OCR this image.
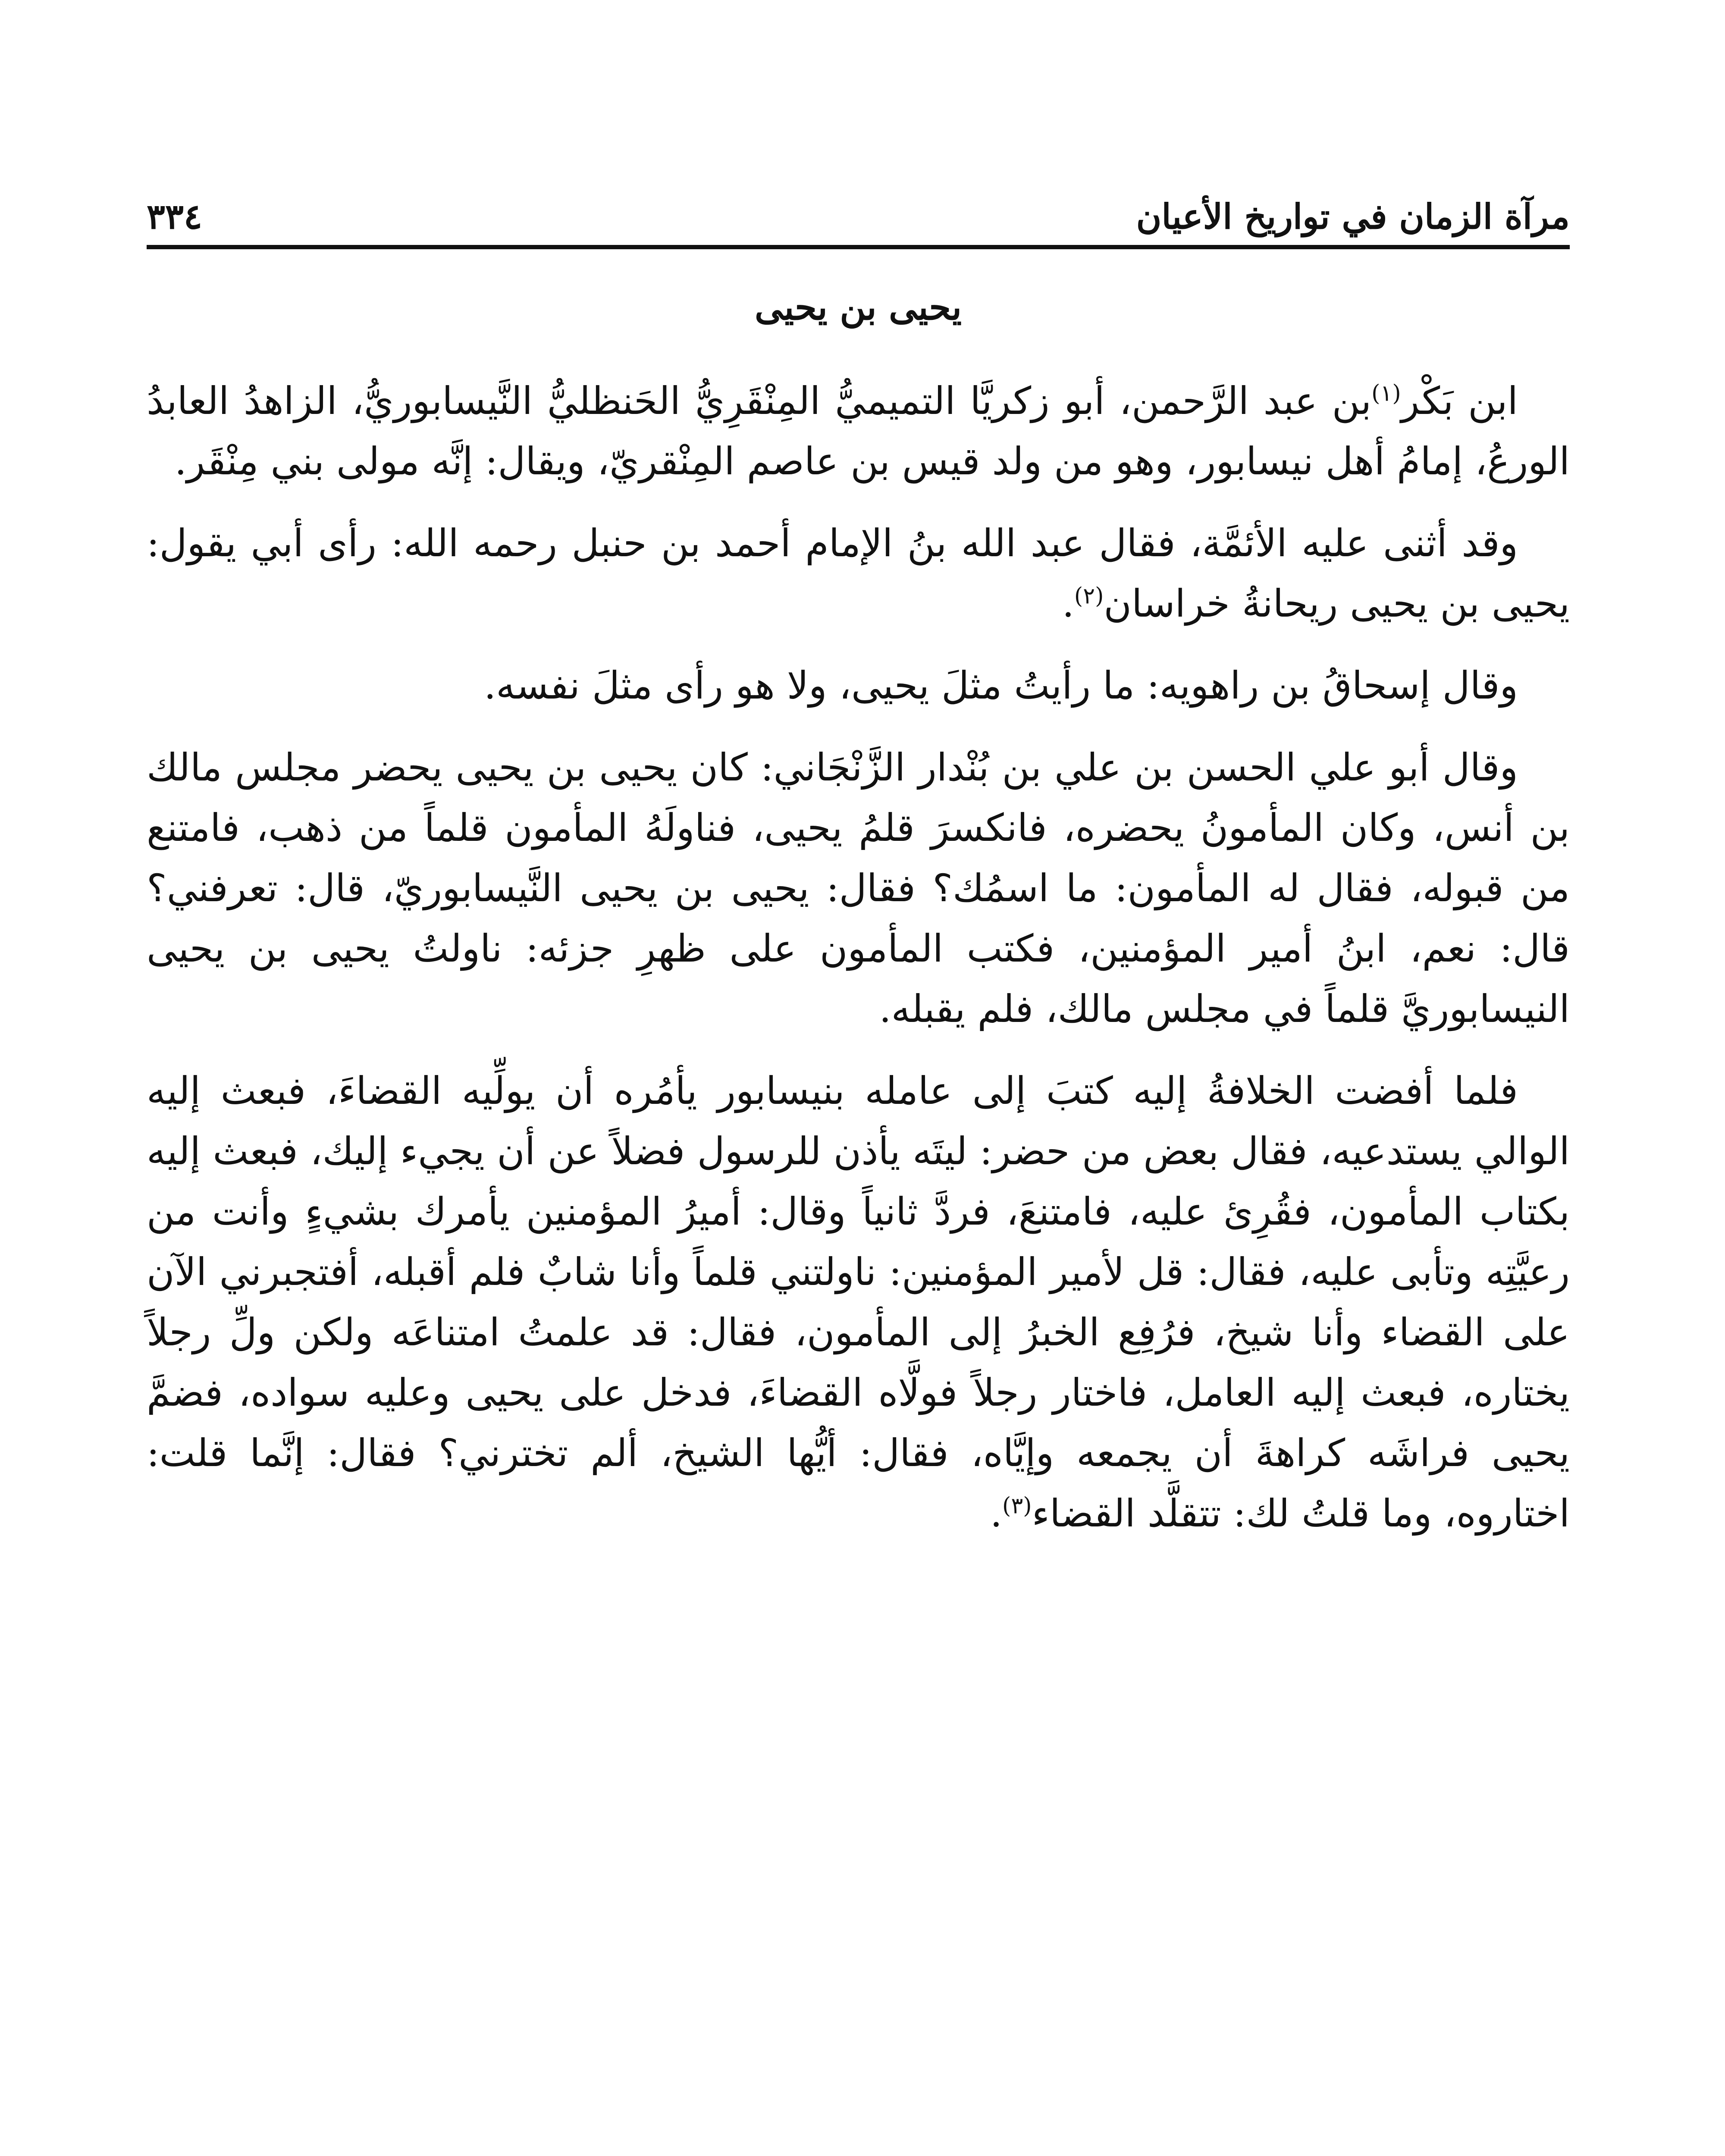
مرآة الزمان في تواريخ الأعيان
٣٣٤
يحيى بن يحيى

ابن بَكْر$^{(١)}$بن عبد الرَّحمن، أبو زكريَّا التميميُّ المِنْقَرِيُّ الحَنظليُّ النَّيسابوريُّ، الزاهدُ العابدُ الورعُ، إمامُ أهل نيسابور، وهو من ولد قيس بن عاصم المِنْقريّ، ويقال: إنَّه مولى بني مِنْقَر.

وقد أثنى عليه الأئمَّة، فقال عبد الله بنُ الإمام أحمد بن حنبل رحمه الله: رأى أبي يقول: يحيى بن يحيى ريحانةُ خراسان$^{(٢)}$.

وقال إسحاقُ بن راهويه: ما رأيتُ مثلَ يحيى، ولا هو رأى مثلَ نفسه.

وقال أبو علي الحسن بن علي بن بُنْدار الزَّنْجَاني: كان يحيى بن يحيى يحضر مجلس مالك بن أنس، وكان المأمونُ يحضره، فانكسرَ قلمُ يحيى، فناولَهُ المأمون قلماً من ذهب، فامتنع من قبوله، فقال له المأمون: ما اسمُك؟ فقال: يحيى بن يحيى النَّيسابوريّ، قال: تعرفني؟ قال: نعم، ابنُ أمير المؤمنين، فكتب المأمون على ظهرِ جزئه: ناولتُ يحيى بن يحيى النيسابوريَّ قلماً في مجلس مالك، فلم يقبله.

فلما أفضت الخلافةُ إليه كتبَ إلى عامله بنيسابور يأمُره أن يولِّيه القضاءَ، فبعث إليه الوالي يستدعيه، فقال بعض من حضر: ليتَه يأذن للرسول فضلاً عن أن يجيء إليك، فبعث إليه بكتاب المأمون، فقُرِئ عليه، فامتنعَ، فردَّ ثانياً وقال: أميرُ المؤمنين يأمرك بشيءٍ وأنت من رعيَّتِه وتأبى عليه، فقال: قل لأمير المؤمنين: ناولتني قلماً وأنا شابٌ فلم أقبله، أفتجبرني الآن على القضاء وأنا شيخ، فرُفِع الخبرُ إلى المأمون، فقال: قد علمتُ امتناعَه ولكن ولِّ رجلاً يختاره، فبعث إليه العامل، فاختار رجلاً فولَّاه القضاءَ، فدخل على يحيى وعليه سواده، فضمَّ يحيى فراشَه كراهةَ أن يجمعه وإيَّاه، فقال: أيُّها الشيخ، ألم تخترني؟ فقال: إنَّما قلت: اختاروه، وما قلتُ لك: تتقلَّد القضاء$^{(٣)}$.
